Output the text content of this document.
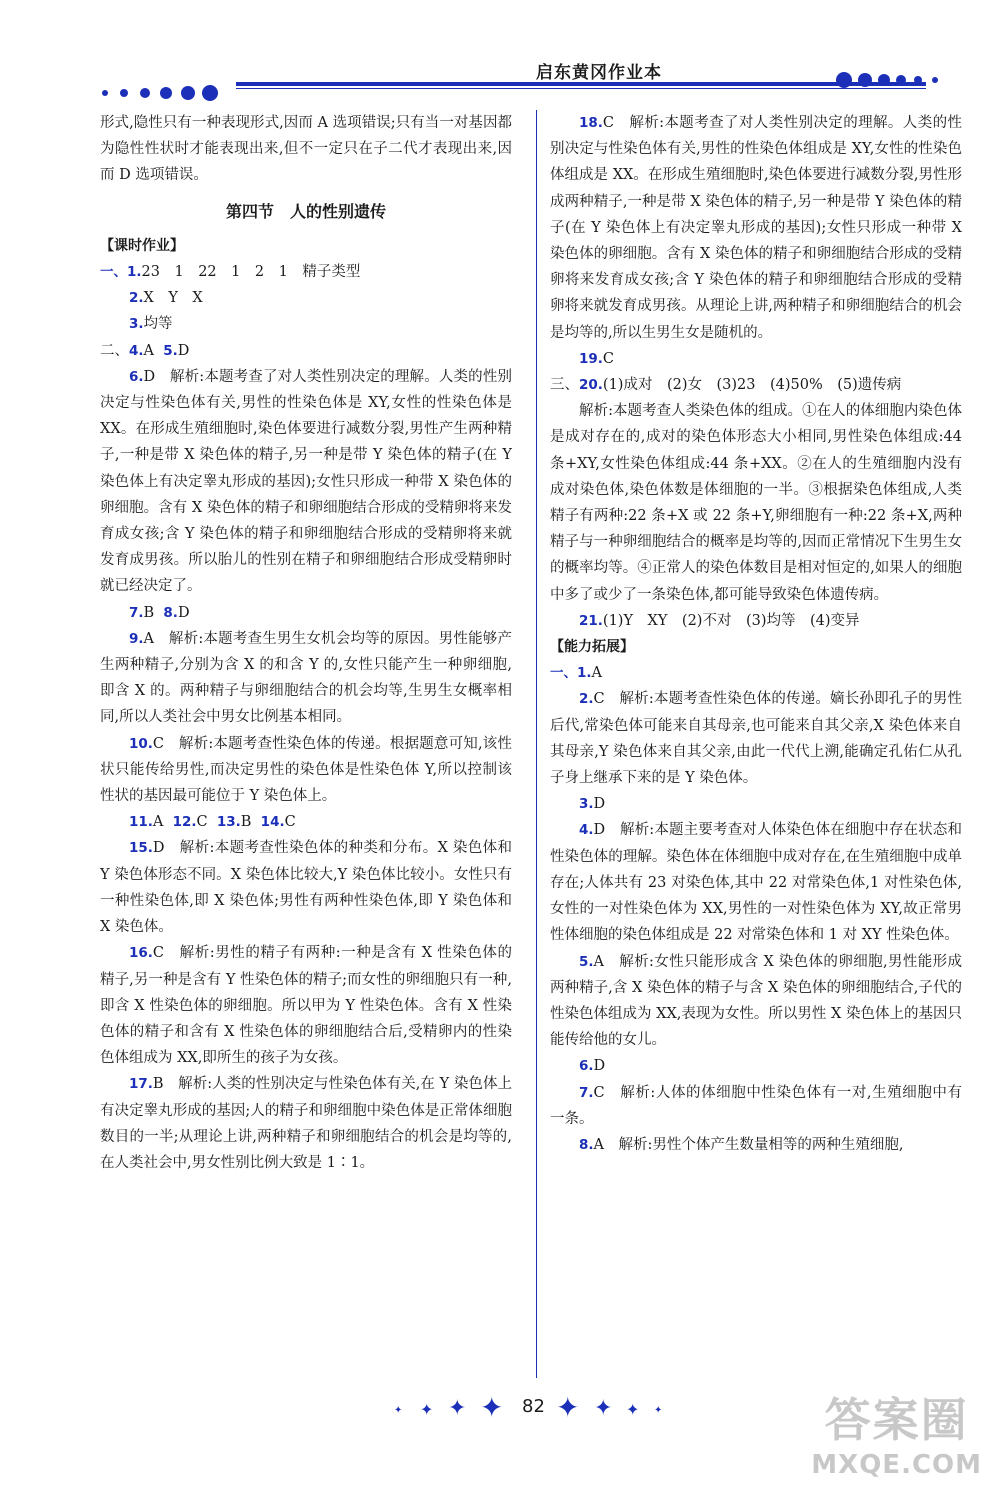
启东黄冈作业本

形式,隐性只有一种表现形式,因而 A 选项错误;只有当一对基因都为隐性性状时才能表现出来,但不一定只在子二代才表现出来,因而 D 选项错误。

第四节　人的性别遗传

【课时作业】

一、1.23　1　22　1　2　1　精子类型

2.X　Y　X

3.均等

二、4.A 5.D

6.D　解析:本题考查了对人类性别决定的理解。人类的性别决定与性染色体有关,男性的性染色体是 XY,女性的性染色体是 XX。在形成生殖细胞时,染色体要进行减数分裂,男性产生两种精子,一种是带 X 染色体的精子,另一种是带 Y 染色体的精子(在 Y 染色体上有决定睾丸形成的基因);女性只形成一种带 X 染色体的卵细胞。含有 X 染色体的精子和卵细胞结合形成的受精卵将来发育成女孩;含 Y 染色体的精子和卵细胞结合形成的受精卵将来就发育成男孩。所以胎儿的性别在精子和卵细胞结合形成受精卵时就已经决定了。

7.B 8.D

9.A　解析:本题考查生男生女机会均等的原因。男性能够产生两种精子,分别为含 X 的和含 Y 的,女性只能产生一种卵细胞,即含 X 的。两种精子与卵细胞结合的机会均等,生男生女概率相同,所以人类社会中男女比例基本相同。

10.C　解析:本题考查性染色体的传递。根据题意可知,该性状只能传给男性,而决定男性的染色体是性染色体 Y,所以控制该性状的基因最可能位于 Y 染色体上。

11.A 12.C 13.B 14.C

15.D　解析:本题考查性染色体的种类和分布。X 染色体和 Y 染色体形态不同。X 染色体比较大,Y 染色体比较小。女性只有一种性染色体,即 X 染色体;男性有两种性染色体,即 Y 染色体和 X 染色体。

16.C　解析:男性的精子有两种:一种是含有 X 性染色体的精子,另一种是含有 Y 性染色体的精子;而女性的卵细胞只有一种,即含 X 性染色体的卵细胞。所以甲为 Y 性染色体。含有 X 性染色体的精子和含有 X 性染色体的卵细胞结合后,受精卵内的性染色体组成为 XX,即所生的孩子为女孩。

17.B　解析:人类的性别决定与性染色体有关,在 Y 染色体上有决定睾丸形成的基因;人的精子和卵细胞中染色体是正常体细胞数目的一半;从理论上讲,两种精子和卵细胞结合的机会是均等的,在人类社会中,男女性别比例大致是 1∶1。

18.C　解析:本题考查了对人类性别决定的理解。人类的性别决定与性染色体有关,男性的性染色体组成是 XY,女性的性染色体组成是 XX。在形成生殖细胞时,染色体要进行减数分裂,男性形成两种精子,一种是带 X 染色体的精子,另一种是带 Y 染色体的精子(在 Y 染色体上有决定睾丸形成的基因);女性只形成一种带 X 染色体的卵细胞。含有 X 染色体的精子和卵细胞结合形成的受精卵将来发育成女孩;含 Y 染色体的精子和卵细胞结合形成的受精卵将来就发育成男孩。从理论上讲,两种精子和卵细胞结合的机会是均等的,所以生男生女是随机的。

19.C

三、20.(1)成对　(2)女　(3)23　(4)50%　(5)遗传病

解析:本题考查人类染色体的组成。①在人的体细胞内染色体是成对存在的,成对的染色体形态大小相同,男性染色体组成:44 条+XY,女性染色体组成:44 条+XX。②在人的生殖细胞内没有成对染色体,染色体数是体细胞的一半。③根据染色体组成,人类精子有两种:22 条+X 或 22 条+Y,卵细胞有一种:22 条+X,两种精子与一种卵细胞结合的概率是均等的,因而正常情况下生男生女的概率均等。④正常人的染色体数目是相对恒定的,如果人的细胞中多了或少了一条染色体,都可能导致染色体遗传病。

21.(1)Y　XY　(2)不对　(3)均等　(4)变异

【能力拓展】

一、1.A

2.C　解析:本题考查性染色体的传递。嫡长孙即孔子的男性后代,常染色体可能来自其母亲,也可能来自其父亲,X 染色体来自其母亲,Y 染色体来自其父亲,由此一代代上溯,能确定孔佑仁从孔子身上继承下来的是 Y 染色体。

3.D

4.D　解析:本题主要考查对人体染色体在细胞中存在状态和性染色体的理解。染色体在体细胞中成对存在,在生殖细胞中成单存在;人体共有 23 对染色体,其中 22 对常染色体,1 对性染色体,女性的一对性染色体为 XX,男性的一对性染色体为 XY,故正常男性体细胞的染色体组成是 22 对常染色体和 1 对 XY 性染色体。

5.A　解析:女性只能形成含 X 染色体的卵细胞,男性能形成两种精子,含 X 染色体的精子与含 X 染色体的卵细胞结合,子代的性染色体组成为 XX,表现为女性。所以男性 X 染色体上的基因只能传给他的女儿。

6.D

7.C　解析:人体的体细胞中性染色体有一对,生殖细胞中有一条。

8.A　解析:男性个体产生数量相等的两种生殖细胞,

✦ ✦ ✦ ✦ 82 ✦ ✦ ✦ ✦	答案圈
MXQE.COM
